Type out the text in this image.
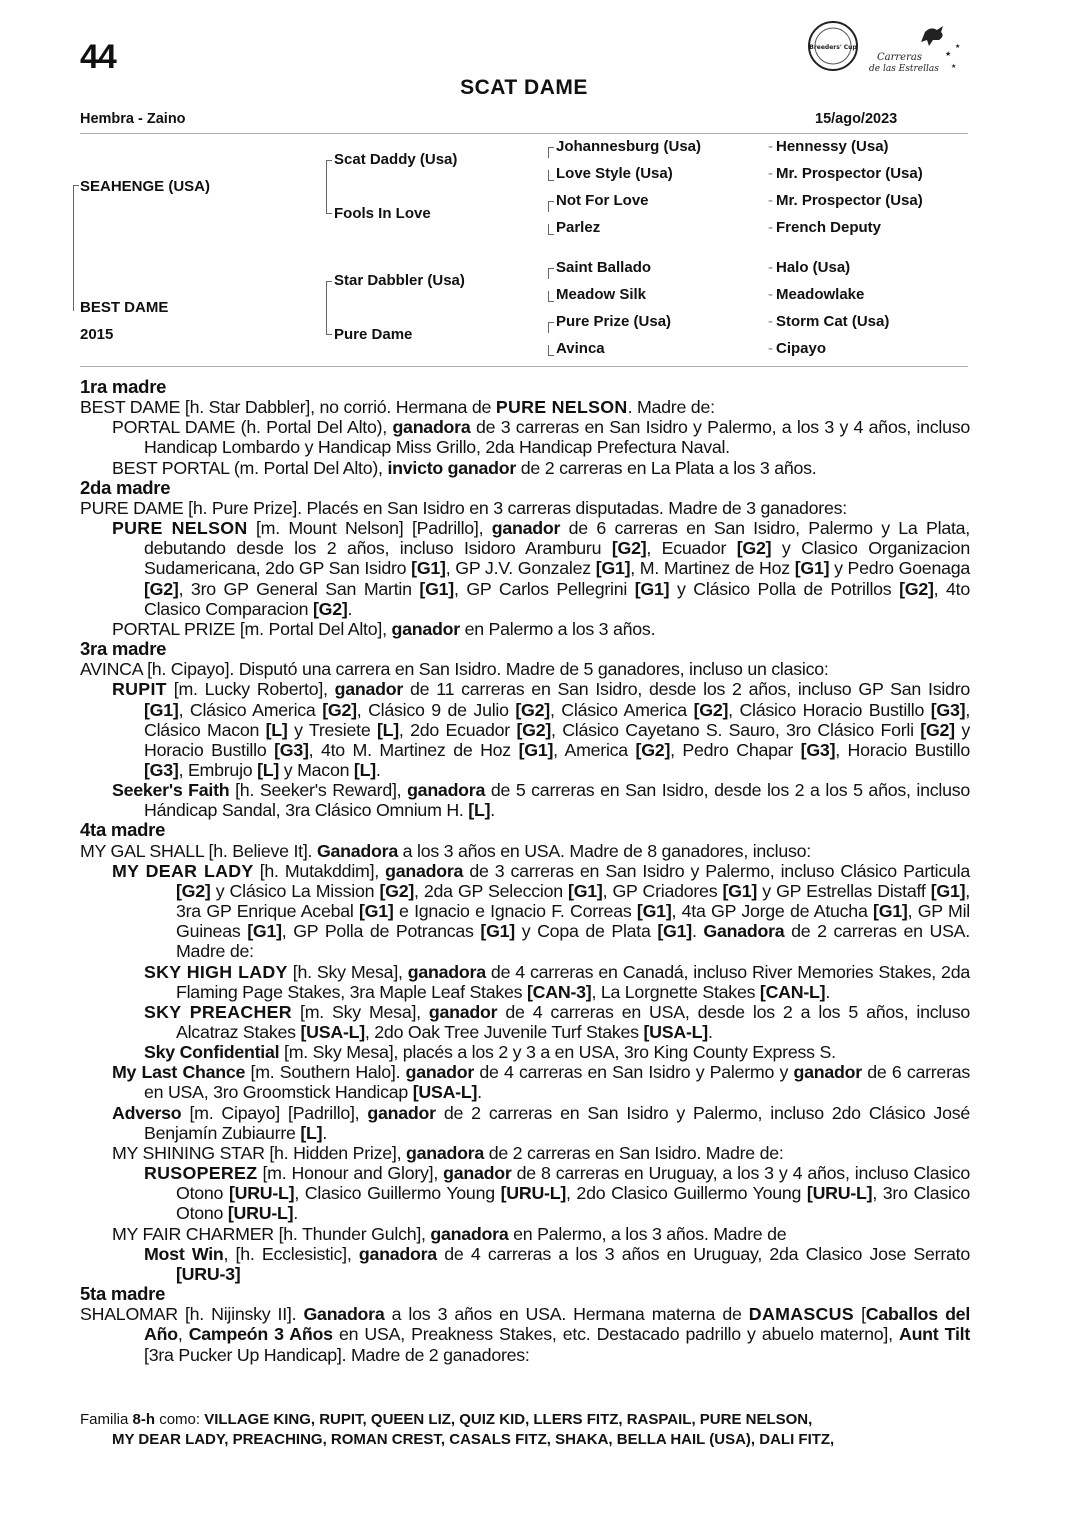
44	Breeders' Cup
Carreras
de las Estrellas
★
★
★
SCAT DAME
Hembra - Zaino	15/ago/2023
SEAHENGE (USA)
BEST DAME
2015
Scat Daddy (Usa)
Fools In Love
Star Dabbler (Usa)
Pure Dame
Johannesburg (Usa)
Love Style (Usa)
Not For Love
Parlez
Saint Ballado
Meadow Silk
Pure Prize (Usa)
Avinca
- Hennessy (Usa)
- Mr. Prospector (Usa)
- Mr. Prospector (Usa)
- French Deputy
- Halo (Usa)
- Meadowlake
- Storm Cat (Usa)
- Cipayo

1ra madre

BEST DAME [h. Star Dabbler], no corrió. Hermana de PURE NELSON. Madre de:

PORTAL DAME (h. Portal Del Alto), ganadora de 3 carreras en San Isidro y Palermo, a los 3 y 4 años, incluso Handicap Lombardo y Handicap Miss Grillo, 2da Handicap Prefectura Naval.

BEST PORTAL (m. Portal Del Alto), invicto ganador de 2 carreras en La Plata a los 3 años.

2da madre

PURE DAME [h. Pure Prize]. Placés en San Isidro en 3 carreras disputadas. Madre de 3 ganadores:

PURE NELSON [m. Mount Nelson] [Padrillo], ganador de 6 carreras en San Isidro, Palermo y La Plata, debutando desde los 2 años, incluso Isidoro Aramburu [G2], Ecuador [G2] y Clasico Organizacion Sudamericana, 2do GP San Isidro [G1], GP J.V. Gonzalez [G1], M. Martinez de Hoz [G1] y Pedro Goenaga [G2], 3ro GP General San Martin [G1], GP Carlos Pellegrini [G1] y Clásico Polla de Potrillos [G2], 4to Clasico Comparacion [G2].

PORTAL PRIZE [m. Portal Del Alto], ganador en Palermo a los 3 años.

3ra madre

AVINCA [h. Cipayo]. Disputó una carrera en San Isidro. Madre de 5 ganadores, incluso un clasico:

RUPIT [m. Lucky Roberto], ganador de 11 carreras en San Isidro, desde los 2 años, incluso GP San Isidro [G1], Clásico America [G2], Clásico 9 de Julio [G2], Clásico America [G2], Clásico Horacio Bustillo [G3], Clásico Macon [L] y Tresiete [L], 2do Ecuador [G2], Clásico Cayetano S. Sauro, 3ro Clásico Forli [G2] y Horacio Bustillo [G3], 4to M. Martinez de Hoz [G1], America [G2], Pedro Chapar [G3], Horacio Bustillo [G3], Embrujo [L] y Macon [L].

Seeker's Faith [h. Seeker's Reward], ganadora de 5 carreras en San Isidro, desde los 2 a los 5 años, incluso Hándicap Sandal, 3ra Clásico Omnium H. [L].

4ta madre

MY GAL SHALL [h. Believe It]. Ganadora a los 3 años en USA. Madre de 8 ganadores, incluso:

MY DEAR LADY [h. Mutakddim], ganadora de 3 carreras en San Isidro y Palermo, incluso Clásico Particula [G2] y Clásico La Mission [G2], 2da GP Seleccion [G1], GP Criadores [G1] y GP Estrellas Distaff [G1], 3ra GP Enrique Acebal [G1] e Ignacio e Ignacio F. Correas [G1], 4ta GP Jorge de Atucha [G1], GP Mil Guineas [G1], GP Polla de Potrancas [G1] y Copa de Plata [G1]. Ganadora de 2 carreras en USA. Madre de:

SKY HIGH LADY [h. Sky Mesa], ganadora de 4 carreras en Canadá, incluso River Memories Stakes, 2da Flaming Page Stakes, 3ra Maple Leaf Stakes [CAN-3], La Lorgnette Stakes [CAN-L].

SKY PREACHER [m. Sky Mesa], ganador de 4 carreras en USA, desde los 2 a los 5 años, incluso Alcatraz Stakes [USA-L], 2do Oak Tree Juvenile Turf Stakes [USA-L].

Sky Confidential [m. Sky Mesa], placés a los 2 y 3 a en USA, 3ro King County Express S.

My Last Chance [m. Southern Halo]. ganador de 4 carreras en San Isidro y Palermo y ganador de 6 carreras en USA, 3ro Groomstick Handicap [USA-L].

Adverso [m. Cipayo] [Padrillo], ganador de 2 carreras en San Isidro y Palermo, incluso 2do Clásico José Benjamín Zubiaurre [L].

MY SHINING STAR [h. Hidden Prize], ganadora de 2 carreras en San Isidro. Madre de:

RUSOPEREZ [m. Honour and Glory], ganador de 8 carreras en Uruguay, a los 3 y 4 años, incluso Clasico Otono [URU-L], Clasico Guillermo Young [URU-L], 2do Clasico Guillermo Young [URU-L], 3ro Clasico Otono [URU-L].

MY FAIR CHARMER [h. Thunder Gulch], ganadora en Palermo, a los 3 años. Madre de

Most Win, [h. Ecclesistic], ganadora de 4 carreras a los 3 años en Uruguay, 2da Clasico Jose Serrato [URU-3]

5ta madre

SHALOMAR [h. Nijinsky II]. Ganadora a los 3 años en USA. Hermana materna de DAMASCUS [Caballos del Año, Campeón 3 Años en USA, Preakness Stakes, etc. Destacado padrillo y abuelo materno], Aunt Tilt [3ra Pucker Up Handicap]. Madre de 2 ganadores:

Familia 8-h como: VILLAGE KING, RUPIT, QUEEN LIZ, QUIZ KID, LLERS FITZ, RASPAIL, PURE NELSON,
MY DEAR LADY, PREACHING, ROMAN CREST, CASALS FITZ, SHAKA, BELLA HAIL (USA), DALI FITZ,
